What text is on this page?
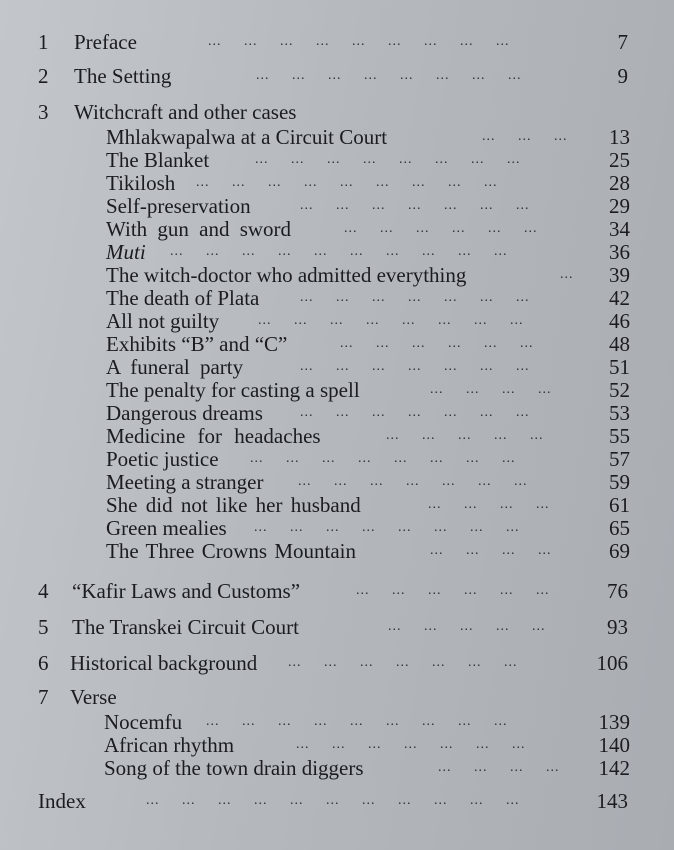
1 Preface	...     ...     ...     ...     ...     ...     ...     ...     ...	7
2 The Setting	...     ...     ...     ...     ...     ...     ...     ...	9
3 Witchcraft and other cases
Mhlakwapalwa at a Circuit Court	...     ...     ...	13
The Blanket	...     ...     ...     ...     ...     ...     ...     ...	25
Tikilosh ...     ...     ...     ...     ...     ...     ...     ...     ...	28
Self-preservation	...     ...     ...     ...     ...     ...     ...	29
With gun and sword	...     ...     ...     ...     ...     ...	34
Muti ...     ...     ...     ...     ...     ...     ...     ...     ...     ...	36
The witch-doctor who admitted everything	...	39
The death of Plata	...     ...     ...     ...     ...     ...     ...	42
All not guilty	...     ...     ...     ...     ...     ...     ...     ...	46
Exhibits “B” and “C”	...     ...     ...     ...     ...     ...	48
A funeral party	...     ...     ...     ...     ...     ...     ...	51
The penalty for casting a spell	...     ...     ...     ...	52
Dangerous dreams	...     ...     ...     ...     ...     ...     ...	53
Medicine for headaches	...     ...     ...     ...     ...	55
Poetic justice ...     ...     ...     ...     ...     ...     ...     ...	57
Meeting a stranger ...     ...     ...     ...     ...     ...     ...	59
She did not like her husband	...     ...     ...     ...	61
Green mealies ...     ...     ...     ...     ...     ...     ...     ...	65
The Three Crowns Mountain	...     ...     ...     ...	69
4 “Kafir Laws and Customs”	...     ...     ...     ...     ...     ...	76
5 The Transkei Circuit Court	...     ...     ...     ...     ...	93
6 Historical background ...     ...     ...     ...     ...     ...     ...	106
7 Verse
Nocemfu ...     ...     ...     ...     ...     ...     ...     ...     ...	139
African rhythm	...     ...     ...     ...     ...     ...     ...	140
Song of the town drain diggers	...     ...     ...     ...	142
Index	...     ...     ...     ...     ...     ...     ...     ...     ...     ...     ...	143
